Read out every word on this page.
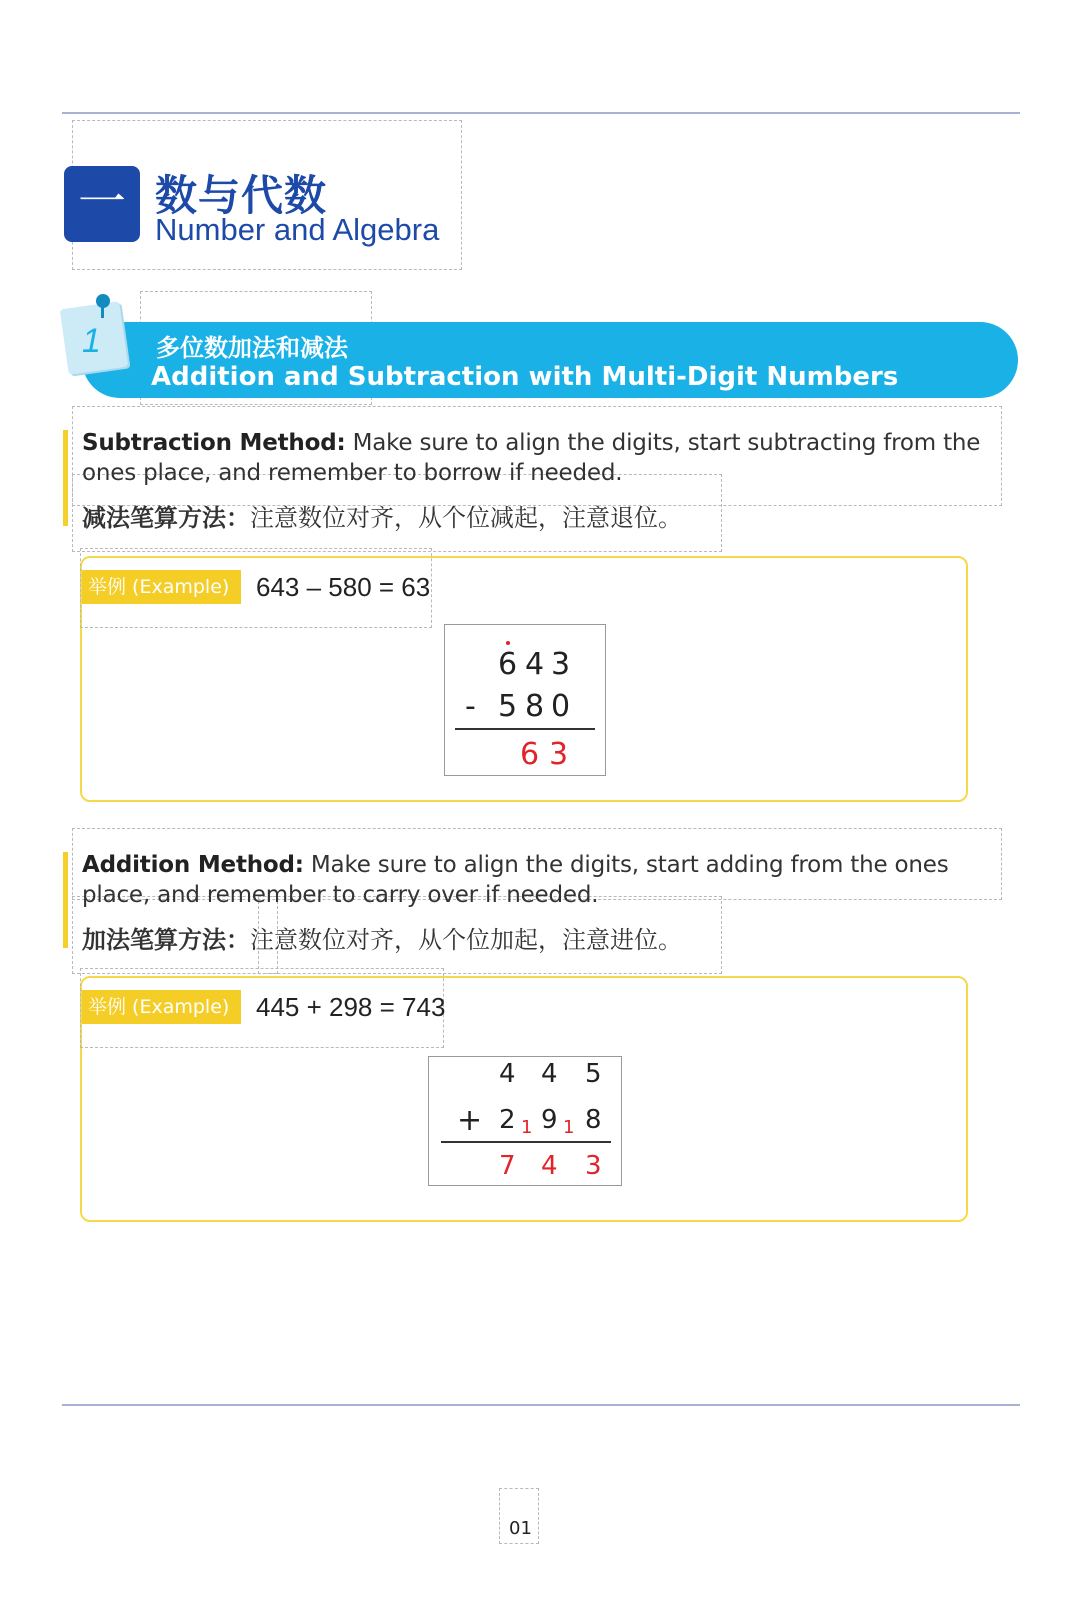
一 数与代数
Number and Algebra
1 多位数加法和减法
Addition and Subtraction with Multi-Digit Numbers
Subtraction Method: Make sure to align the digits, start subtracting from the ones place, and remember to borrow if needed.
减法笔算方法：注意数位对齐，从个位减起，注意退位。
举例 (Example)	643 – 580 = 63
6 4 3
- 5 8 0
6 3
Addition Method: Make sure to align the digits, start adding from the ones place, and remember to carry over if needed.
加法笔算方法：注意数位对齐，从个位加起，注意进位。
举例 (Example)	445 + 298 = 743
4 4 5
+ 2 1 9 1 8
7 4 3
01
